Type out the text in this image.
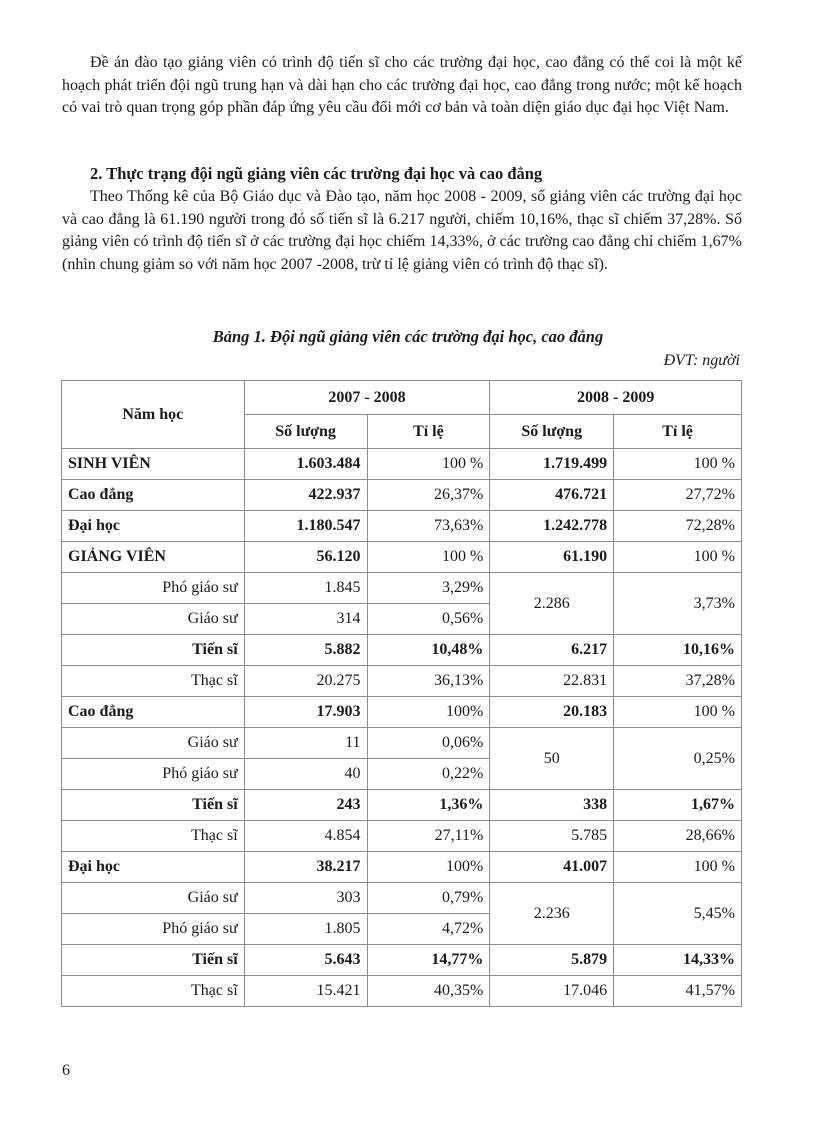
Đề án đào tạo giảng viên có trình độ tiến sĩ cho các trường đại học, cao đẳng có thể coi là một kế hoạch phát triển đội ngũ trung hạn và dài hạn cho các trường đại học, cao đẳng trong nước; một kế hoạch có vai trò quan trọng góp phần đáp ứng yêu cầu đổi mới cơ bản và toàn diện giáo dục đại học Việt Nam.

2. Thực trạng đội ngũ giảng viên các trường đại học và cao đẳng

Theo Thống kê của Bộ Giáo dục và Đào tạo, năm học 2008 - 2009, số giảng viên các trường đại học và cao đẳng là 61.190 người trong đó số tiến sĩ là 6.217 người, chiếm 10,16%, thạc sĩ chiếm 37,28%. Số giảng viên có trình độ tiến sĩ ở các trường đại học chiếm 14,33%, ở các trường cao đẳng chỉ chiếm 1,67% (nhìn chung giảm so với năm học 2007 -2008, trừ tỉ lệ giảng viên có trình độ thạc sĩ).

Bảng 1. Đội ngũ giảng viên các trường đại học, cao đẳng

ĐVT: người

Năm học	2007 - 2008		2008 - 2009	
	Số lượng	Tỉ lệ	Số lượng	Tỉ lệ
SINH VIÊN	1.603.484	100 %	1.719.499	100 %
Cao đẳng	422.937	26,37%	476.721	27,72%
Đại học	1.180.547	73,63%	1.242.778	72,28%
GIẢNG VIÊN	56.120	100 %	61.190	100 %
Phó giáo sư	1.845	3,29%	2.286	3,73%
Giáo sư	314	0,56%		
Tiến sĩ	5.882	10,48%	6.217	10,16%
Thạc sĩ	20.275	36,13%	22.831	37,28%
Cao đẳng	17.903	100%	20.183	100 %
Giáo sư	11	0,06%	50	0,25%
Phó giáo sư	40	0,22%		
Tiến sĩ	243	1,36%	338	1,67%
Thạc sĩ	4.854	27,11%	5.785	28,66%
Đại học	38.217	100%	41.007	100 %
Giáo sư	303	0,79%	2.236	5,45%
Phó giáo sư	1.805	4,72%		
Tiến sĩ	5.643	14,77%	5.879	14,33%
Thạc sĩ	15.421	40,35%	17.046	41,57%

6
